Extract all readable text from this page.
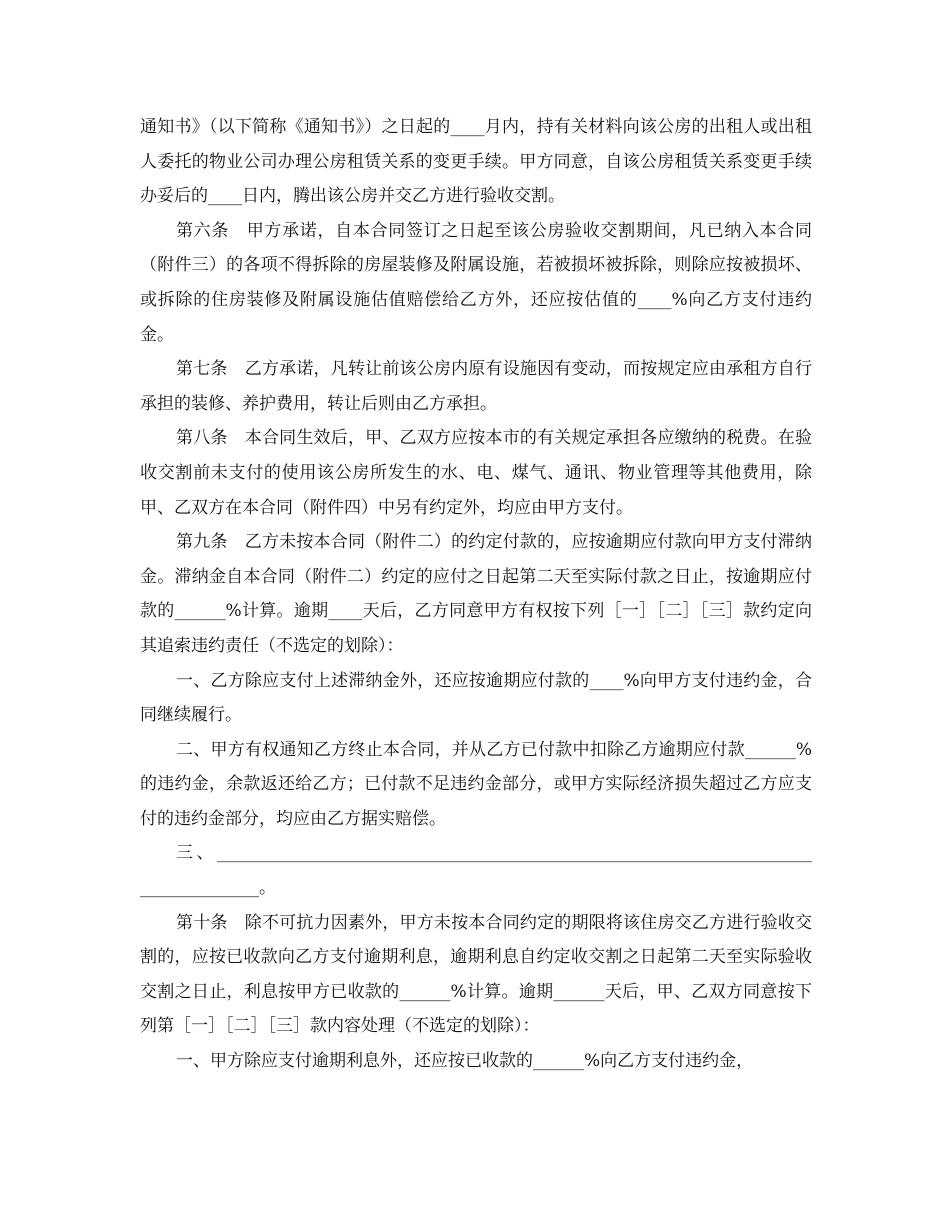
通知书》（以下简称《通知书》）之日起的____月内，持有关材料向该公房的出租人或出租人委托的物业公司办理公房租赁关系的变更手续。甲方同意，自该公房租赁关系变更手续办妥后的____日内，腾出该公房并交乙方进行验收交割。

第六条　甲方承诺，自本合同签订之日起至该公房验收交割期间，凡已纳入本合同（附件三）的各项不得拆除的房屋装修及附属设施，若被损坏被拆除，则除应按被损坏、或拆除的住房装修及附属设施估值赔偿给乙方外，还应按估值的____%向乙方支付违约金。

第七条　乙方承诺，凡转让前该公房内原有设施因有变动，而按规定应由承租方自行承担的装修、养护费用，转让后则由乙方承担。

第八条　本合同生效后，甲、乙双方应按本市的有关规定承担各应缴纳的税费。在验收交割前未支付的使用该公房所发生的水、电、煤气、通讯、物业管理等其他费用，除甲、乙双方在本合同（附件四）中另有约定外，均应由甲方支付。

第九条　乙方未按本合同（附件二）的约定付款的，应按逾期应付款向甲方支付滞纳金。滞纳金自本合同（附件二）约定的应付之日起第二天至实际付款之日止，按逾期应付款的______%计算。逾期____天后，乙方同意甲方有权按下列［一］［二］［三］款约定向其追索违约责任（不选定的划除）：

一、乙方除应支付上述滞纳金外，还应按逾期应付款的____%向甲方支付违约金，合同继续履行。

二、甲方有权通知乙方终止本合同，并从乙方已付款中扣除乙方逾期应付款______%的违约金，余款返还给乙方；已付款不足违约金部分，或甲方实际经济损失超过乙方应支付的违约金部分，均应由乙方据实赔偿。

三、____________________________________________________________________________________。

第十条　除不可抗力因素外，甲方未按本合同约定的期限将该住房交乙方进行验收交割的，应按已收款向乙方支付逾期利息，逾期利息自约定收交割之日起第二天至实际验收交割之日止，利息按甲方已收款的______%计算。逾期______天后，甲、乙双方同意按下列第［一］［二］［三］款内容处理（不选定的划除）：

一、甲方除应支付逾期利息外，还应按已收款的______%向乙方支付违约金，
